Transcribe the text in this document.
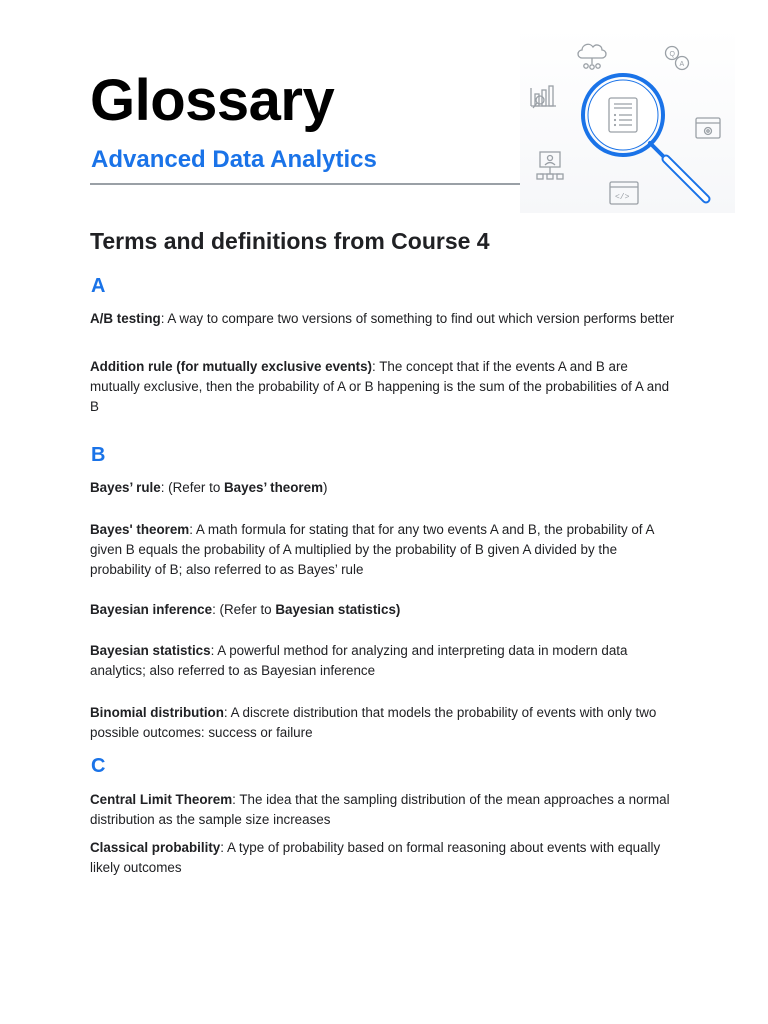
Glossary
Advanced Data Analytics
Q
A
</>
Terms and definitions from Course 4
A

A/B testing: A way to compare two versions of something to find out which version performs better

Addition rule (for mutually exclusive events): The concept that if the events A and B are mutually exclusive, then the probability of A or B happening is the sum of the probabilities of A and B

B

Bayes’ rule: (Refer to Bayes’ theorem)

Bayes' theorem: A math formula for stating that for any two events A and B, the probability of A given B equals the probability of A multiplied by the probability of B given A divided by the probability of B; also referred to as Bayes’ rule

Bayesian inference: (Refer to Bayesian statistics)

Bayesian statistics: A powerful method for analyzing and interpreting data in modern data analytics; also referred to as Bayesian inference

Binomial distribution: A discrete distribution that models the probability of events with only two possible outcomes: success or failure

C

Central Limit Theorem: The idea that the sampling distribution of the mean approaches a normal distribution as the sample size increases

Classical probability: A type of probability based on formal reasoning about events with equally likely outcomes
